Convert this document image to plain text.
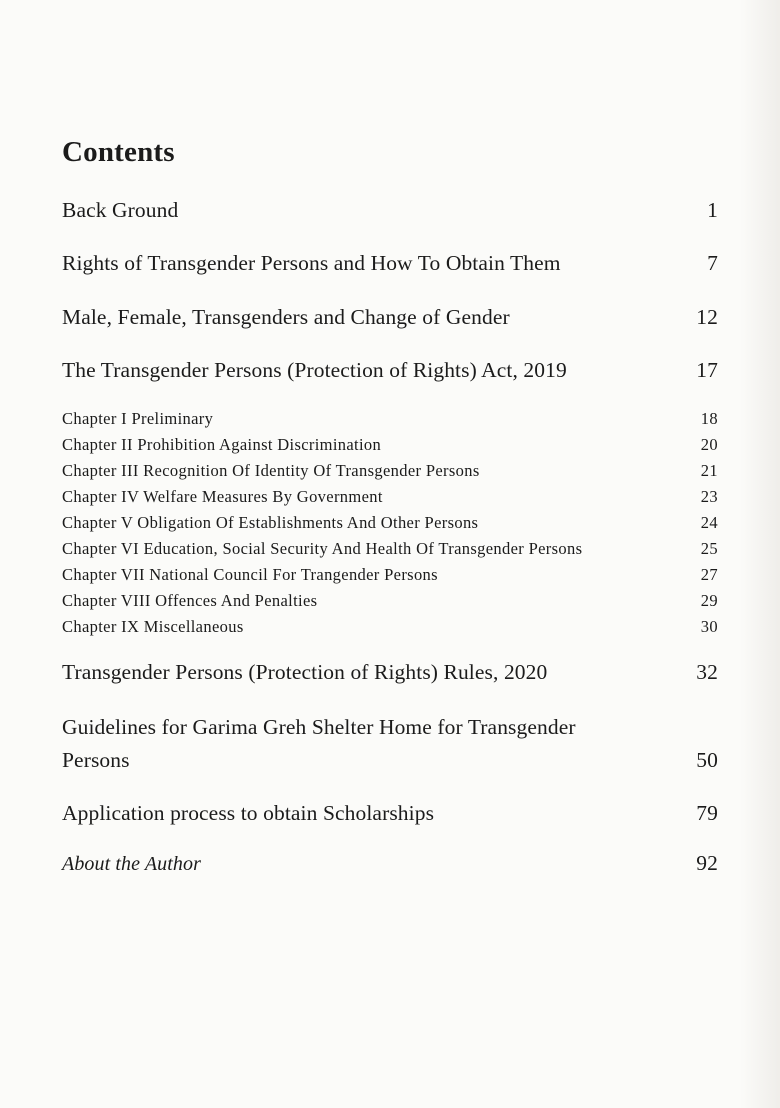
Contents
Back Ground	1
Rights of Transgender Persons and How To Obtain Them	7
Male, Female, Transgenders and Change of Gender	12
The Transgender Persons (Protection of Rights) Act, 2019	17
Chapter I Preliminary	18
Chapter II Prohibition Against Discrimination	20
Chapter III Recognition Of Identity Of Transgender Persons	21
Chapter IV Welfare Measures By Government	23
Chapter V Obligation Of Establishments And Other Persons	24
Chapter VI Education, Social Security And Health Of Transgender Persons	25
Chapter VII National Council For Trangender Persons	27
Chapter VIII Offences And Penalties	29
Chapter IX Miscellaneous	30
Transgender Persons (Protection of Rights) Rules, 2020	32
Guidelines for Garima Greh Shelter Home for Transgender
Persons	50
Application process to obtain Scholarships	79
About the Author	92
